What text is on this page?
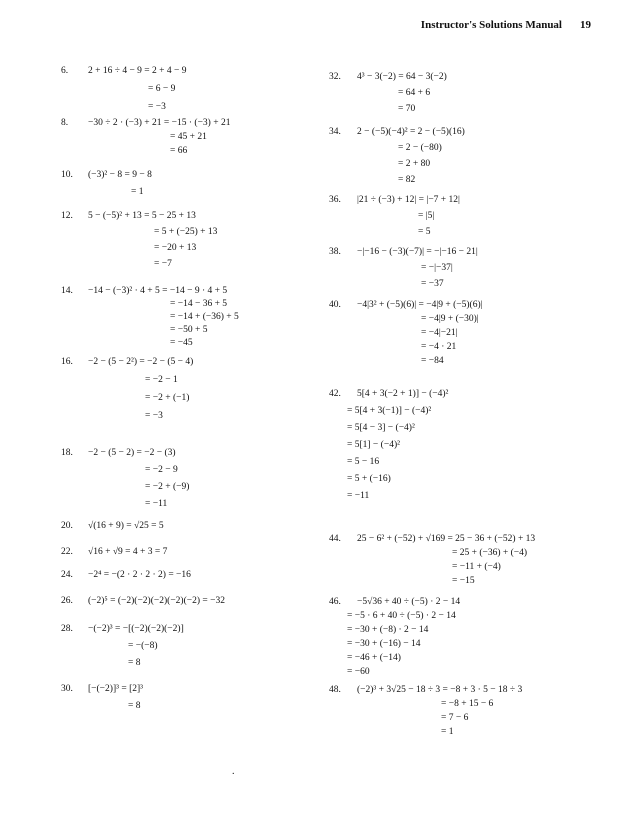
Instructor's Solutions Manual 19
6. 2 + 16 ÷ 4 − 9 = 2 + 4 − 9
= 6 − 9
= −3
8. −30 ÷ 2 · (−3) + 21 = −15 · (−3) + 21
= 45 + 21
= 66
10. (−3)² − 8 = 9 − 8
= 1
12. 5 − (−5)² + 13 = 5 − 25 + 13
= 5 + (−25) + 13
= −20 + 13
= −7
14. −14 − (−3)² · 4 + 5 = −14 − 9 · 4 + 5
= −14 − 36 + 5
= −14 + (−36) + 5
= −50 + 5
= −45
16. −2 − (5 − 2²) = −2 − (5 − 4)
= −2 − 1
= −2 + (−1)
= −3
18. −2 − (5 − 2) = −2 − (3)
= −2 − 9
= −2 + (−9)
= −11
20. √(16 + 9) = √25 = 5
22. √16 + √9 = 4 + 3 = 7
24. −2⁴ = −(2 · 2 · 2 · 2) = −16
26. (−2)⁵ = (−2)(−2)(−2)(−2)(−2) = −32
28. −(−2)³ = −[(−2)(−2)(−2)]
= −(−8)
= 8
30. [−(−2)]³ = [2]³
= 8
32. 4³ − 3(−2) = 64 − 3(−2)
= 64 + 6
= 70
34. 2 − (−5)(−4)² = 2 − (−5)(16)
= 2 − (−80)
= 2 + 80
= 82
36. |21 ÷ (−3) + 12| = |−7 + 12|
= |5|
= 5
38. −|−16 − (−3)(−7)| = −|−16 − 21|
= −|−37|
= −37
40. −4|3² + (−5)(6)| = −4|9 + (−5)(6)|
= −4|9 + (−30)|
= −4|−21|
= −4 · 21
= −84
42. 5[4 + 3(−2 + 1)] − (−4)²
= 5[4 + 3(−1)] − (−4)²
= 5[4 − 3] − (−4)²
= 5[1] − (−4)²
= 5 − 16
= 5 + (−16)
= −11
44. 25 − 6² + (−52) + √169 = 25 − 36 + (−52) + 13
= 25 + (−36) + (−4)
= −11 + (−4)
= −15
46. −5√36 + 40 ÷ (−5) · 2 − 14
= −5 · 6 + 40 ÷ (−5) · 2 − 14
= −30 + (−8) · 2 − 14
= −30 + (−16) − 14
= −46 + (−14)
= −60
48. (−2)³ + 3√25 − 18 ÷ 3 = −8 + 3 · 5 − 18 ÷ 3
= −8 + 15 − 6
= 7 − 6
= 1
.
